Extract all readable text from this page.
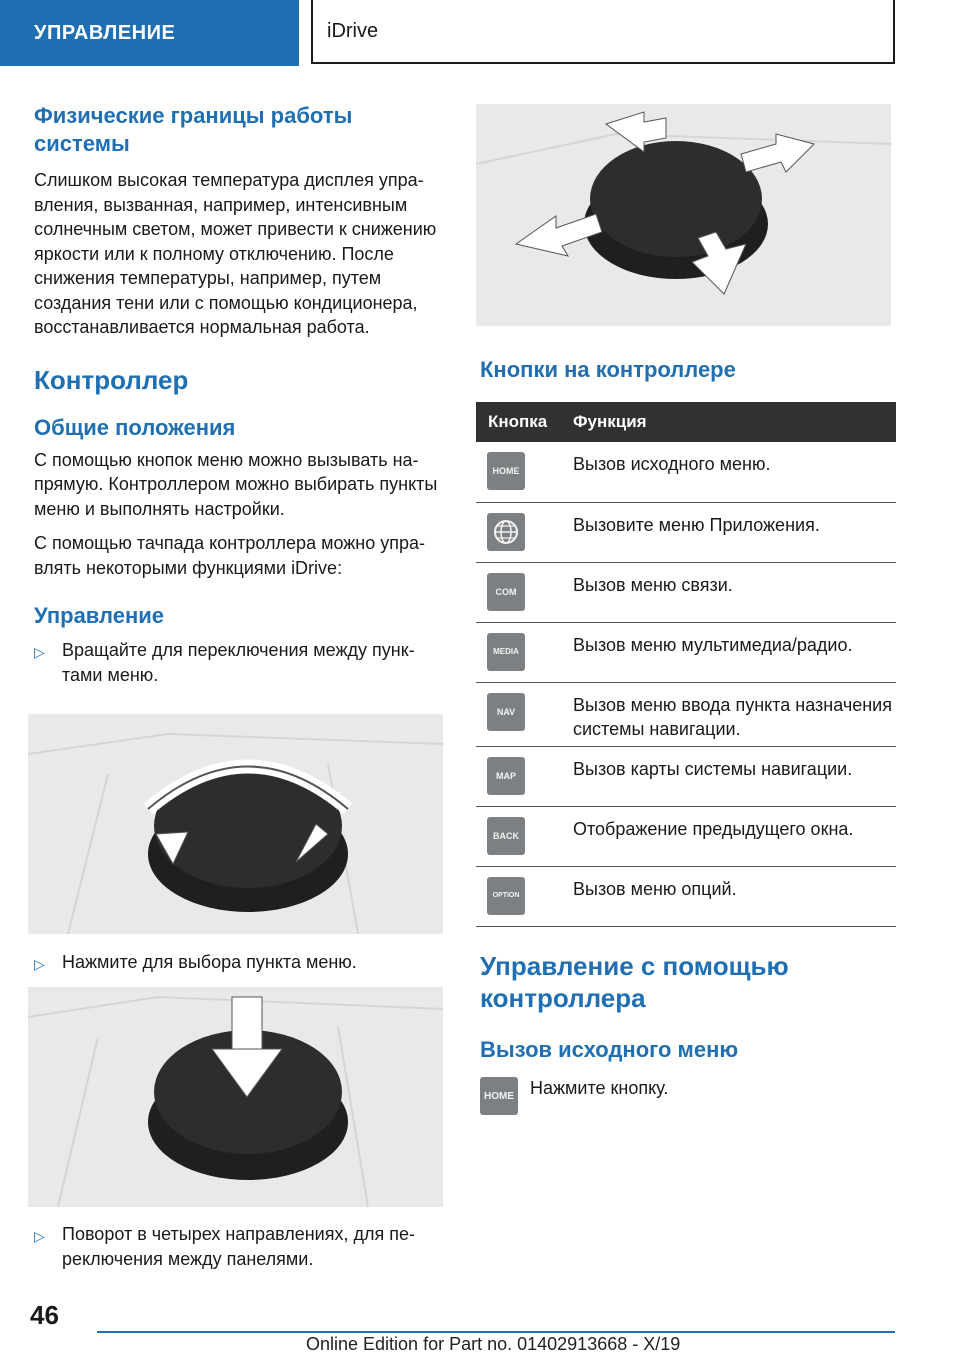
УПРАВЛЕНИЕ	iDrive
Физические границы работы системы

Слишком высокая температура дисплея управления, вызванная, например, интенсивным солнечным светом, может привести к снижению яркости или к полному отключению. После снижения температуры, например, путем создания тени или с помощью кондиционера, восстанавливается нормальная работа.

Контроллер
Общие положения

С помощью кнопок меню можно вызывать напрямую. Контроллером можно выбирать пункты меню и выполнять настройки.

С помощью тачпада контроллера можно управлять некоторыми функциями iDrive:

Управление
▷ Вращайте для переключения между пунктами меню.
▷ Нажмите для выбора пункта меню.
▷ Поворот в четырех направлениях, для переключения между панелями.
Кнопки на контроллере
Кнопка	Функция

HOME	Вызов исходного меню.

	Вызовите меню Приложения.

COM	Вызов меню связи.

MEDIA	Вызов меню мультимедиа/радио.

NAV	Вызов меню ввода пункта назначения системы навигации.

MAP	Вызов карты системы навигации.

BACK	Отображение предыдущего окна.

OPTION	Вызов меню опций.
Управление с помощью контроллера
Вызов исходного меню
HOME Нажмите кнопку.
46
Online Edition for Part no. 01402913668 - X/19
